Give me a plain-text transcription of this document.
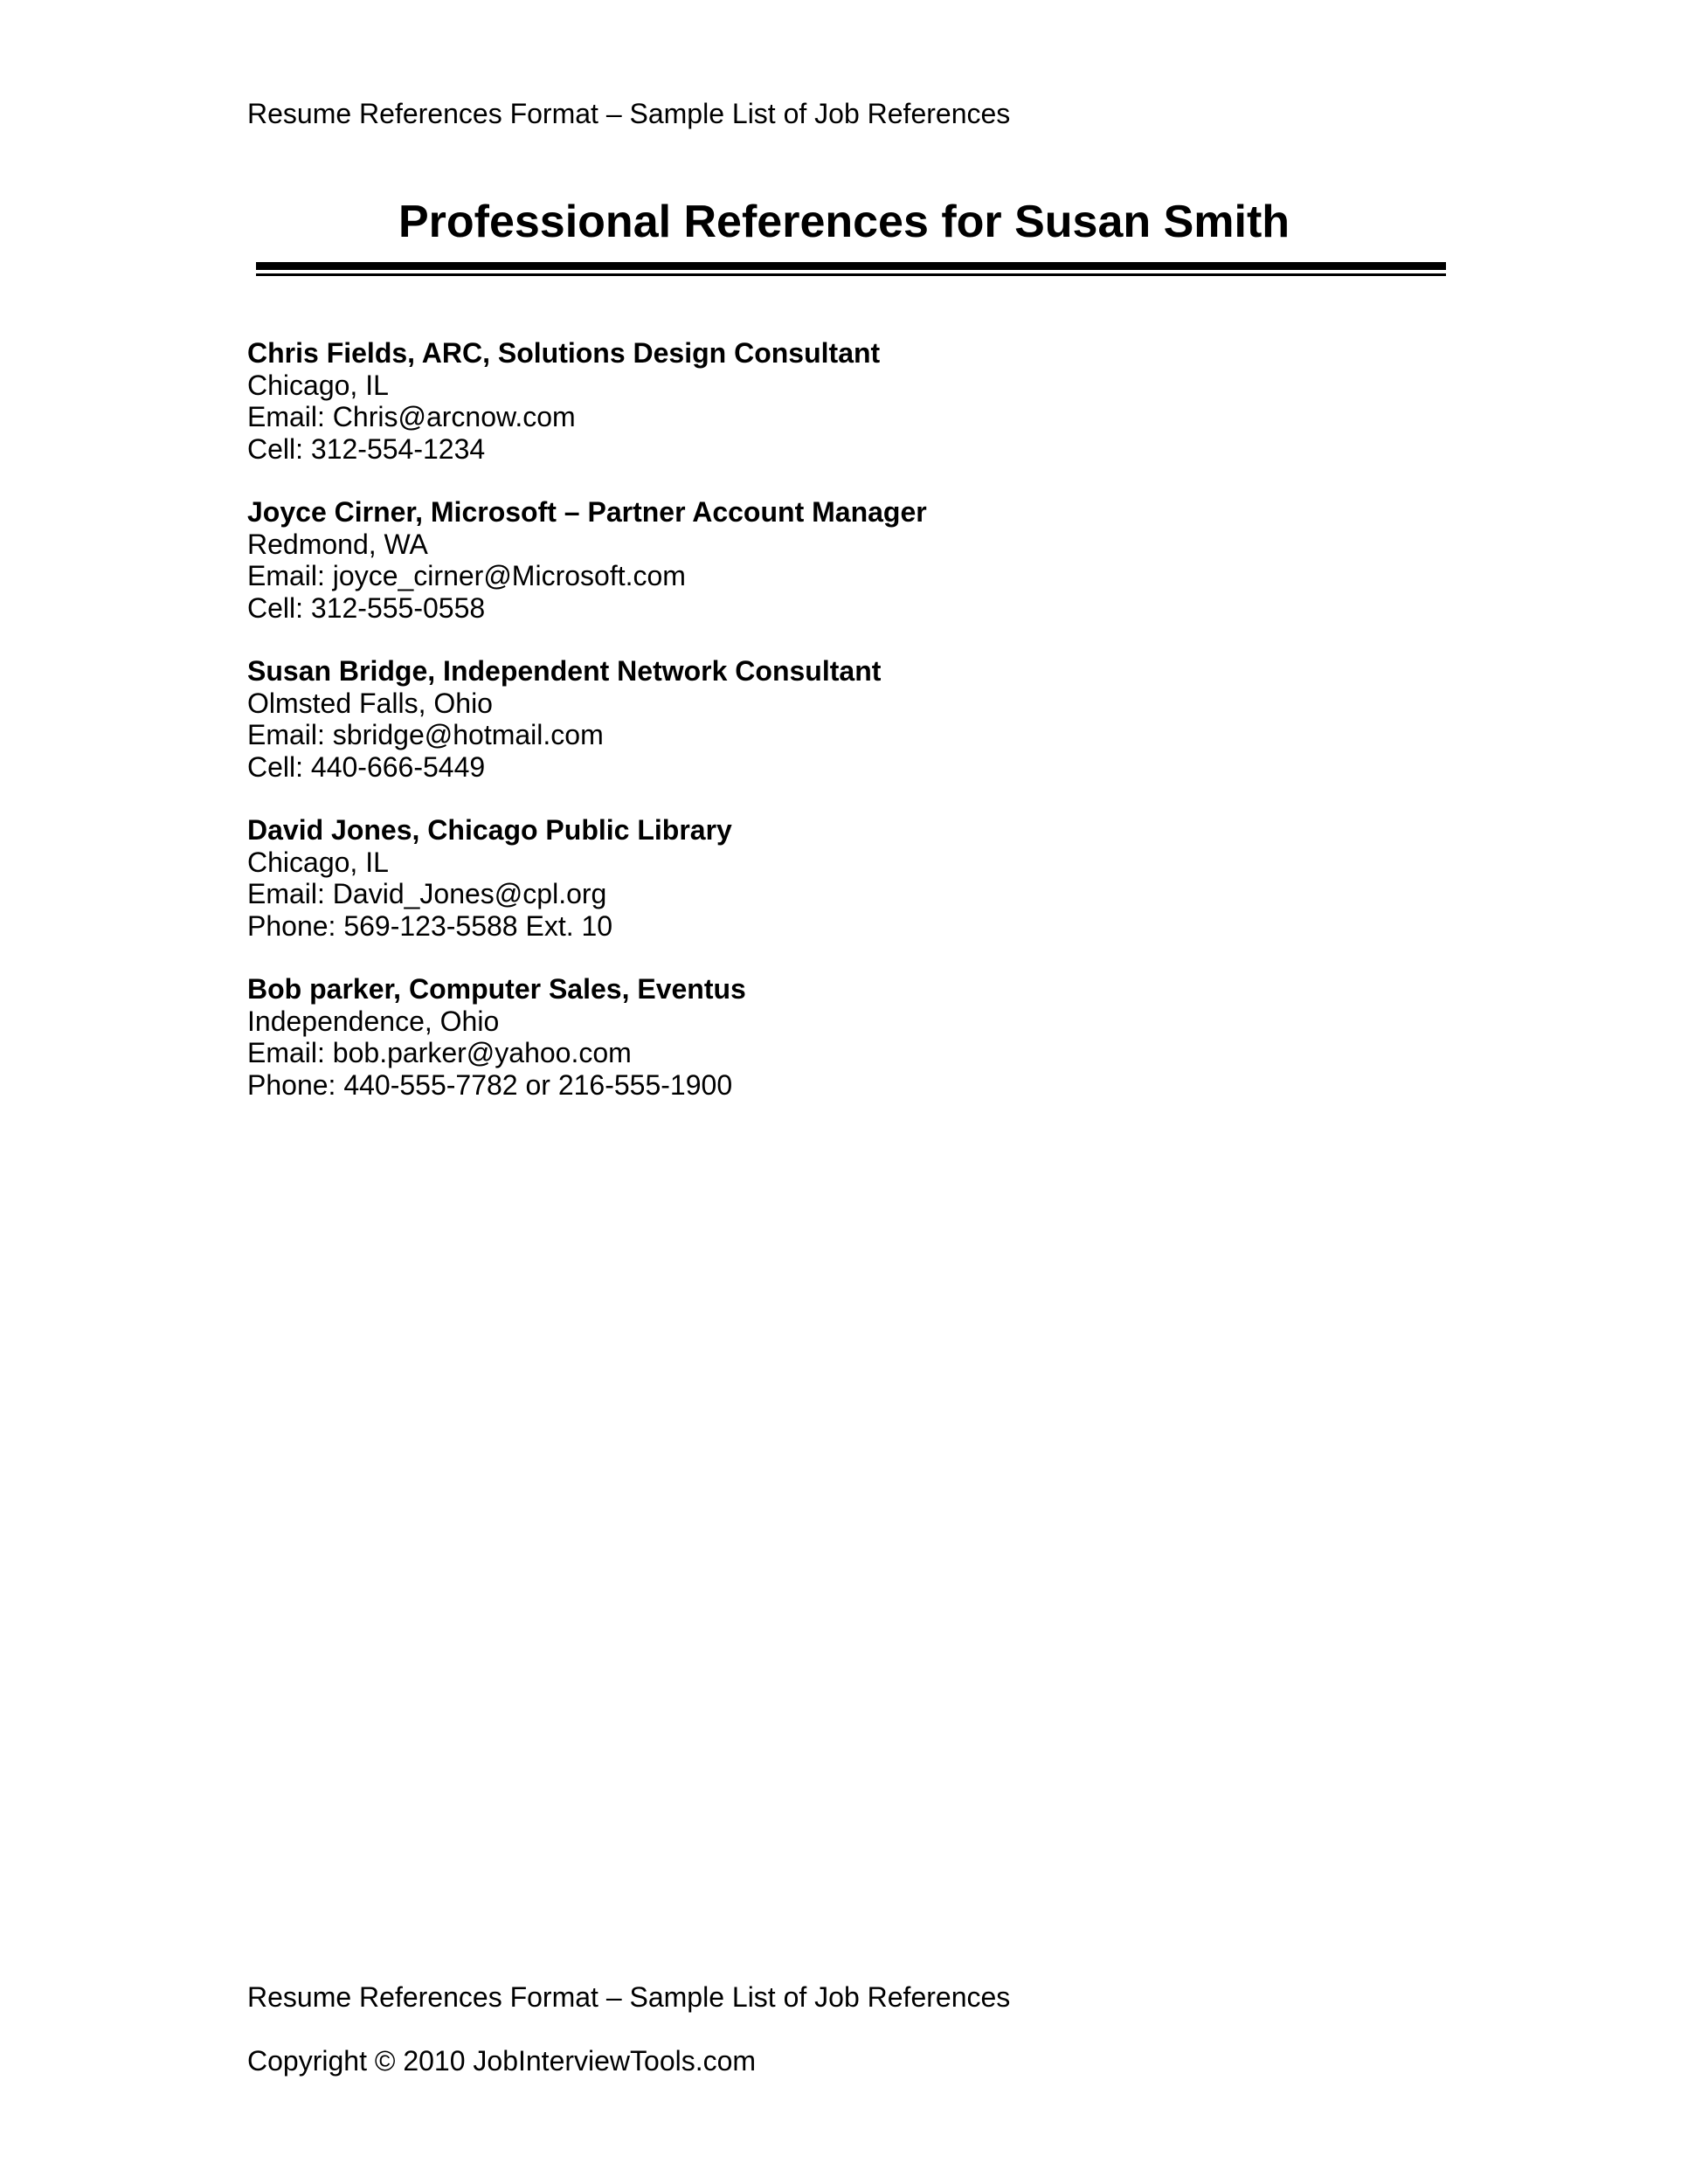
Resume References Format – Sample List of Job References
Professional References for Susan Smith
Chris Fields, ARC, Solutions Design Consultant
Chicago, IL
Email: Chris@arcnow.com
Cell: 312-554-1234
Joyce Cirner, Microsoft – Partner Account Manager
Redmond, WA
Email: joyce_cirner@Microsoft.com
Cell: 312-555-0558
Susan Bridge, Independent Network Consultant
Olmsted Falls, Ohio
Email: sbridge@hotmail.com
Cell: 440-666-5449
David Jones, Chicago Public Library
Chicago, IL
Email: David_Jones@cpl.org
Phone: 569-123-5588 Ext. 10
Bob parker, Computer Sales, Eventus
Independence, Ohio
Email: bob.parker@yahoo.com
Phone: 440-555-7782 or 216-555-1900
Resume References Format – Sample List of Job References
Copyright © 2010 JobInterviewTools.com
